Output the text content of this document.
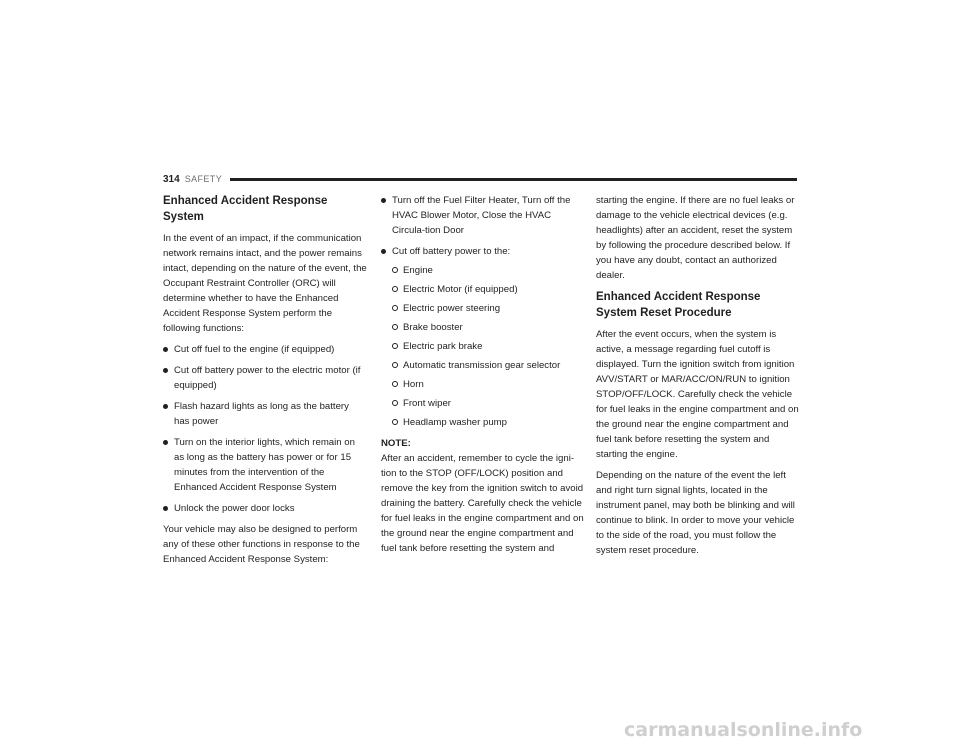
314 SAFETY
Enhanced Accident Response System

In the event of an impact, if the communication network remains intact, and the power remains intact, depending on the nature of the event, the Occupant Restraint Controller (ORC) will determine whether to have the Enhanced Accident Response System perform the following functions:

Cut off fuel to the engine (if equipped)
Cut off battery power to the electric motor (if equipped)
Flash hazard lights as long as the battery has power
Turn on the interior lights, which remain on as long as the battery has power or for 15 minutes from the intervention of the Enhanced Accident Response System
Unlock the power door locks

Your vehicle may also be designed to perform any of these other functions in response to the Enhanced Accident Response System:

Turn off the Fuel Filter Heater, Turn off the HVAC Blower Motor, Close the HVAC Circula-tion Door
Cut off battery power to the:
Engine
Electric Motor (if equipped)
Electric power steering
Brake booster
Electric park brake
Automatic transmission gear selector
Horn
Front wiper
Headlamp washer pump
NOTE:
After an accident, remember to cycle the igni-tion to the STOP (OFF/LOCK) position and remove the key from the ignition switch to avoid draining the battery. Carefully check the vehicle for fuel leaks in the engine compartment and on the ground near the engine compartment and fuel tank before resetting the system and

starting the engine. If there are no fuel leaks or damage to the vehicle electrical devices (e.g. headlights) after an accident, reset the system by following the procedure described below. If you have any doubt, contact an authorized dealer.

Enhanced Accident Response System Reset Procedure

After the event occurs, when the system is active, a message regarding fuel cutoff is displayed. Turn the ignition switch from ignition AVV/START or MAR/ACC/ON/RUN to ignition STOP/OFF/LOCK. Carefully check the vehicle for fuel leaks in the engine compartment and on the ground near the engine compartment and fuel tank before resetting the system and starting the engine.

Depending on the nature of the event the left and right turn signal lights, located in the instrument panel, may both be blinking and will continue to blink. In order to move your vehicle to the side of the road, you must follow the system reset procedure.

carmanualsonline.info
